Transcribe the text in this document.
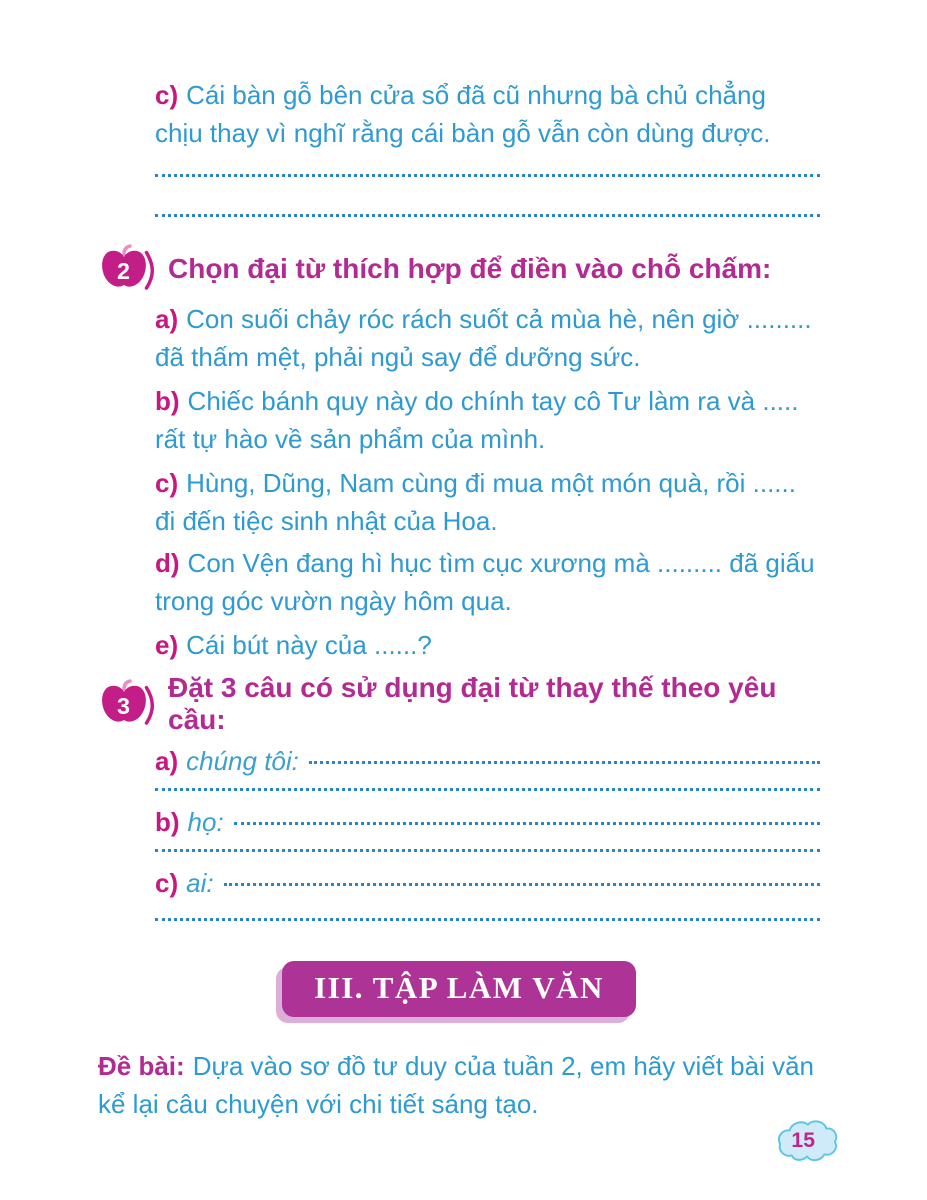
c) Cái bàn gỗ bên cửa sổ đã cũ nhưng bà chủ chẳng chịu thay vì nghĩ rằng cái bàn gỗ vẫn còn dùng được.

2 Chọn đại từ thích hợp để điền vào chỗ chấm:

a) Con suối chảy róc rách suốt cả mùa hè, nên giờ ......... đã thấm mệt, phải ngủ say để dưỡng sức.

b) Chiếc bánh quy này do chính tay cô Tư làm ra và ..... rất tự hào về sản phẩm của mình.

c) Hùng, Dũng, Nam cùng đi mua một món quà, rồi ...... đi đến tiệc sinh nhật của Hoa.

d) Con Vện đang hì hục tìm cục xương mà ......... đã giấu trong góc vườn ngày hôm qua.

e) Cái bút này của ......?

3
Đặt 3 câu có sử dụng đại từ thay thế theo yêu cầu:
a) chúng tôi:
b) họ:
c) ai:
III. TẬP LÀM VĂN

Đề bài: Dựa vào sơ đồ tư duy của tuần 2, em hãy viết bài văn kể lại câu chuyện với chi tiết sáng tạo.

15
